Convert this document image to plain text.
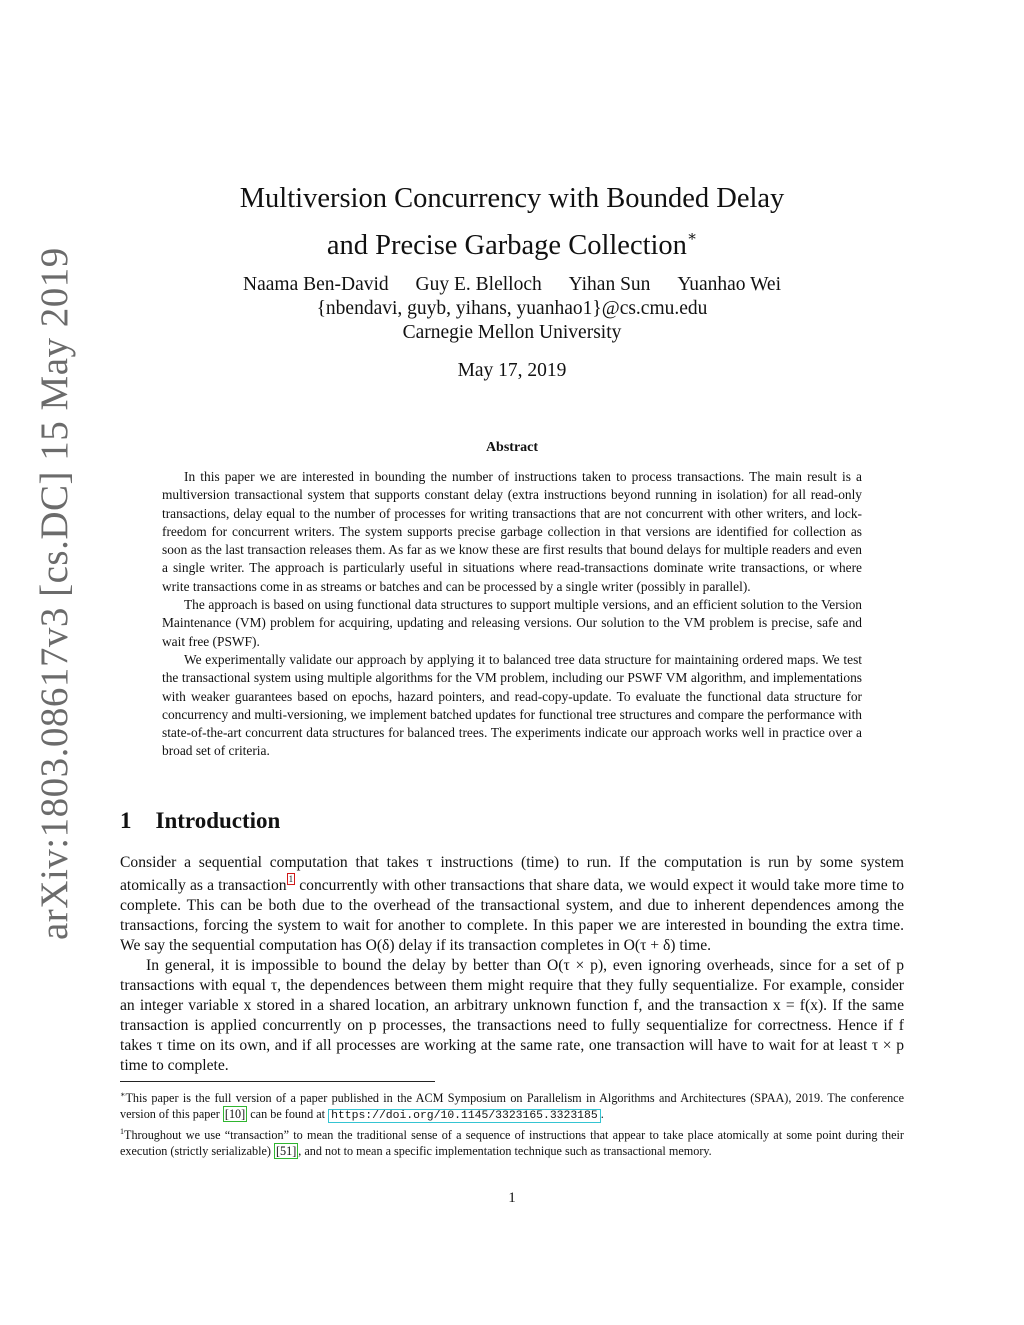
arXiv:1803.08617v3 [cs.DC] 15 May 2019
Multiversion Concurrency with Bounded Delay
and Precise Garbage Collection∗
Naama Ben-David Guy E. Blelloch Yihan Sun Yuanhao Wei
{nbendavi, guyb, yihans, yuanhao1}@cs.cmu.edu
Carnegie Mellon University
May 17, 2019
Abstract

In this paper we are interested in bounding the number of instructions taken to process transactions. The main result is a multiversion transactional system that supports constant delay (extra instructions beyond running in isolation) for all read-only transactions, delay equal to the number of processes for writing transactions that are not concurrent with other writers, and lock-freedom for concurrent writers. The system supports precise garbage collection in that versions are identified for collection as soon as the last transaction releases them. As far as we know these are first results that bound delays for multiple readers and even a single writer. The approach is particularly useful in situations where read-transactions dominate write transactions, or where write transactions come in as streams or batches and can be processed by a single writer (possibly in parallel).

The approach is based on using functional data structures to support multiple versions, and an efficient solution to the Version Maintenance (VM) problem for acquiring, updating and releasing versions. Our solution to the VM problem is precise, safe and wait free (PSWF).

We experimentally validate our approach by applying it to balanced tree data structure for maintaining ordered maps. We test the transactional system using multiple algorithms for the VM problem, including our PSWF VM algorithm, and implementations with weaker guarantees based on epochs, hazard pointers, and read-copy-update. To evaluate the functional data structure for concurrency and multi-versioning, we implement batched updates for functional tree structures and compare the performance with state-of-the-art concurrent data structures for balanced trees. The experiments indicate our approach works well in practice over a broad set of criteria.

1 Introduction

Consider a sequential computation that takes τ instructions (time) to run. If the computation is run by some system atomically as a transaction 1 concurrently with other transactions that share data, we would expect it would take more time to complete. This can be both due to the overhead of the transactional system, and due to inherent dependences among the transactions, forcing the system to wait for another to complete. In this paper we are interested in bounding the extra time. We say the sequential computation has O(δ) delay if its transaction completes in O(τ + δ) time.

In general, it is impossible to bound the delay by better than O(τ × p), even ignoring overheads, since for a set of p transactions with equal τ, the dependences between them might require that they fully sequentialize. For example, consider an integer variable x stored in a shared location, an arbitrary unknown function f, and the transaction x = f(x). If the same transaction is applied concurrently on p processes, the transactions need to fully sequentialize for correctness. Hence if f takes τ time on its own, and if all processes are working at the same rate, one transaction will have to wait for at least τ × p time to complete.

∗This paper is the full version of a paper published in the ACM Symposium on Parallelism in Algorithms and Architectures (SPAA), 2019. The conference version of this paper [10] can be found at https://doi.org/10.1145/3323165.3323185 .

$^1$Throughout we use “transaction” to mean the traditional sense of a sequence of instructions that appear to take place atomically at some point during their execution (strictly serializable) [51] , and not to mean a specific implementation technique such as transactional memory.

1
